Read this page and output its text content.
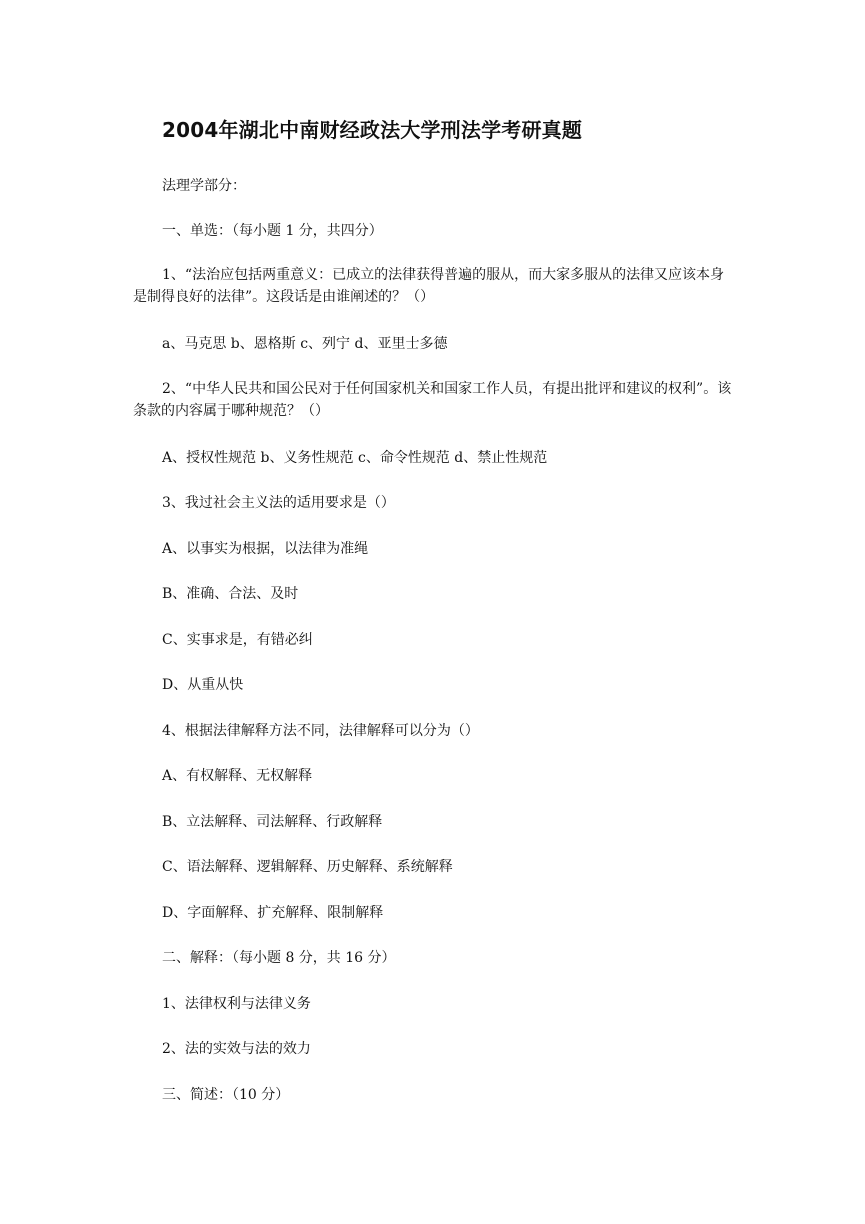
2004年湖北中南财经政法大学刑法学考研真题

法理学部分：

一、单选：（每小题 1 分，共四分）

1、“法治应包括两重意义：已成立的法律获得普遍的服从，而大家多服从的法律又应该本身是制得良好的法律”。这段话是由谁阐述的？（）

a、马克思 b、恩格斯 c、列宁 d、亚里士多德

2、“中华人民共和国公民对于任何国家机关和国家工作人员，有提出批评和建议的权利”。该条款的内容属于哪种规范？（）

A、授权性规范 b、义务性规范 c、命令性规范 d、禁止性规范

3、我过社会主义法的适用要求是（）

A、以事实为根据，以法律为准绳

B、准确、合法、及时

C、实事求是，有错必纠

D、从重从快

4、根据法律解释方法不同，法律解释可以分为（）

A、有权解释、无权解释

B、立法解释、司法解释、行政解释

C、语法解释、逻辑解释、历史解释、系统解释

D、字面解释、扩充解释、限制解释

二、解释：（每小题 8 分，共 16 分）

1、法律权利与法律义务

2、法的实效与法的效力

三、简述：（10 分）
